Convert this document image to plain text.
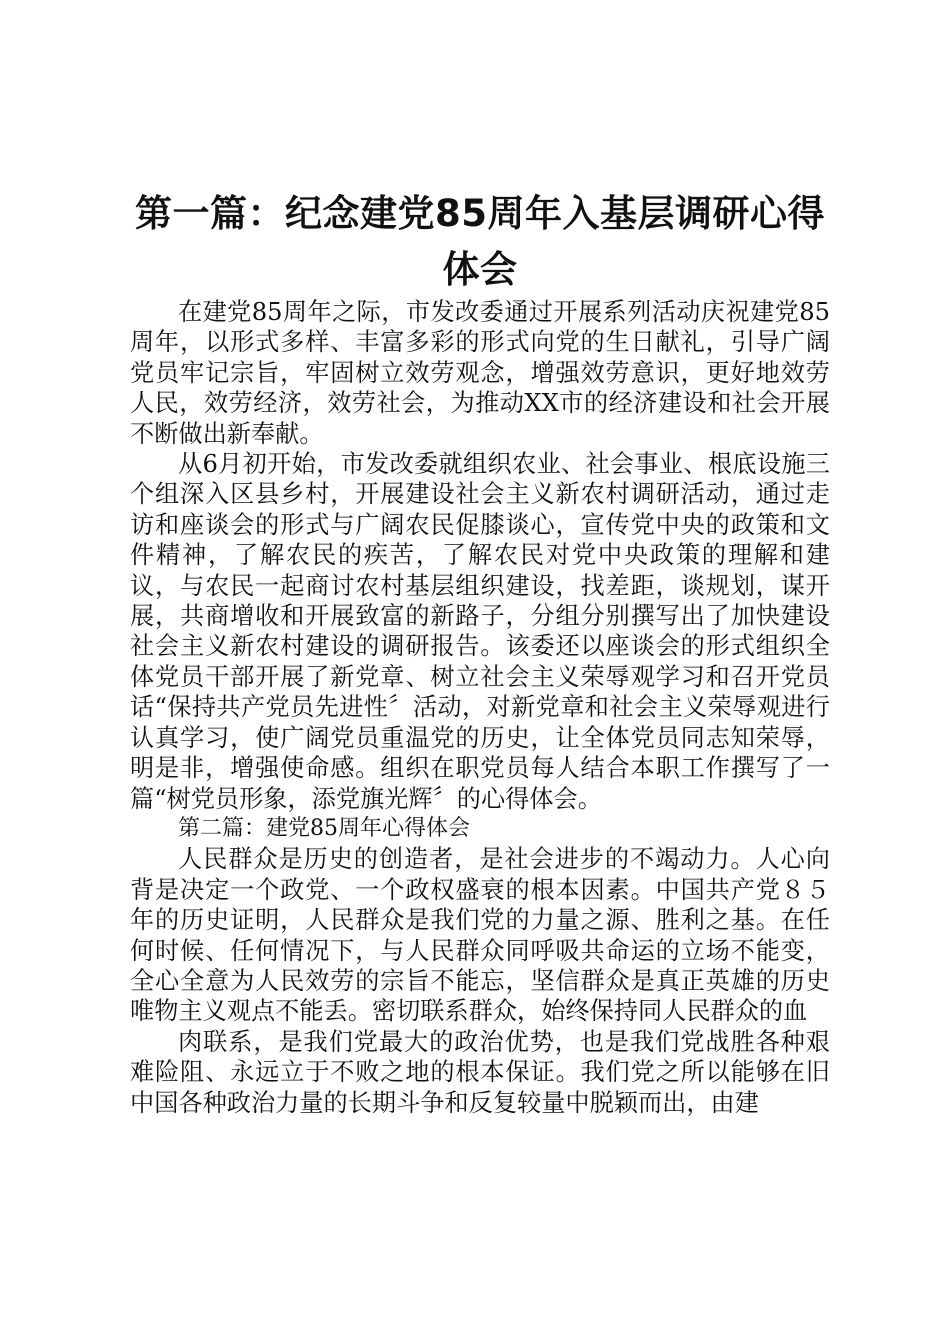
第一篇：纪念建党85周年入基层调研心得体会

在建党85周年之际，市发改委通过开展系列活动庆祝建党85周年，以形式多样、丰富多彩的形式向党的生日献礼，引导广阔党员牢记宗旨，牢固树立效劳观念，增强效劳意识，更好地效劳人民，效劳经济，效劳社会，为推动XX市的经济建设和社会开展不断做出新奉献。

从6月初开始，市发改委就组织农业、社会事业、根底设施三个组深入区县乡村，开展建设社会主义新农村调研活动，通过走访和座谈会的形式与广阔农民促膝谈心，宣传党中央的政策和文件精神，了解农民的疾苦，了解农民对党中央政策的理解和建议，与农民一起商讨农村基层组织建设，找差距，谈规划，谋开展，共商增收和开展致富的新路子，分组分别撰写出了加快建设社会主义新农村建设的调研报告。该委还以座谈会的形式组织全体党员干部开展了新党章、树立社会主义荣辱观学习和召开党员话“保持共产党员先进性〞活动，对新党章和社会主义荣辱观进行认真学习，使广阔党员重温党的历史，让全体党员同志知荣辱，明是非，增强使命感。组织在职党员每人结合本职工作撰写了一篇“树党员形象，添党旗光辉〞的心得体会。

第二篇：建党85周年心得体会

人民群众是历史的创造者，是社会进步的不竭动力。人心向背是决定一个政党、一个政权盛衰的根本因素。中国共产党８５年的历史证明，人民群众是我们党的力量之源、胜利之基。在任何时候、任何情况下，与人民群众同呼吸共命运的立场不能变，全心全意为人民效劳的宗旨不能忘，坚信群众是真正英雄的历史唯物主义观点不能丢。密切联系群众，始终保持同人民群众的血

肉联系，是我们党最大的政治优势，也是我们党战胜各种艰难险阻、永远立于不败之地的根本保证。我们党之所以能够在旧中国各种政治力量的长期斗争和反复较量中脱颖而出，由建
